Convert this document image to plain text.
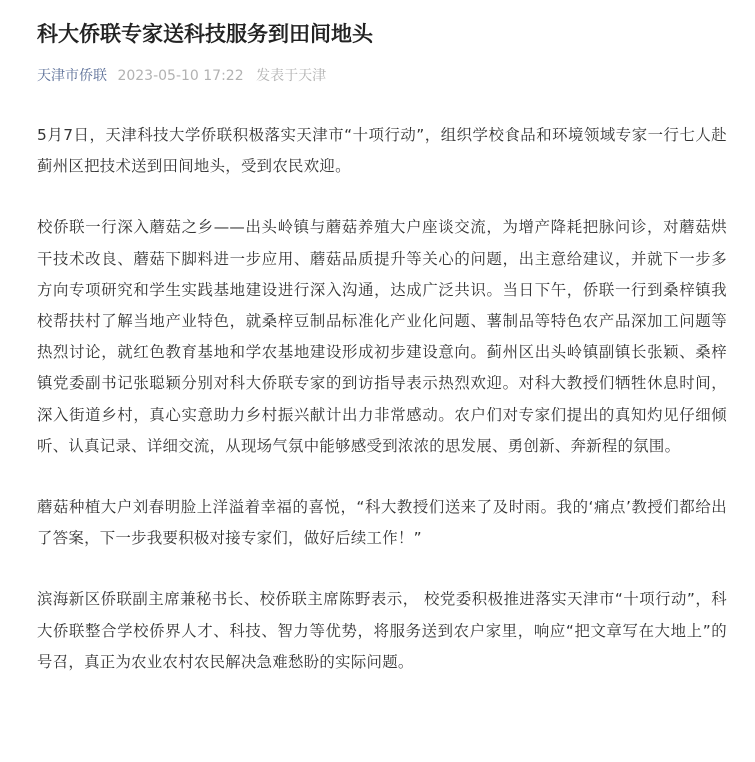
科大侨联专家送科技服务到田间地头
天津市侨联 2023-05-10 17:22 发表于天津

5月7日，天津科技大学侨联积极落实天津市“十项行动”，组织学校食品和环境领域专家一行七人赴蓟州区把技术送到田间地头，受到农民欢迎。

校侨联一行深入蘑菇之乡——出头岭镇与蘑菇养殖大户座谈交流，为增产降耗把脉问诊，对蘑菇烘干技术改良、蘑菇下脚料进一步应用、蘑菇品质提升等关心的问题，出主意给建议，并就下一步多方向专项研究和学生实践基地建设进行深入沟通，达成广泛共识。当日下午，侨联一行到桑梓镇我校帮扶村了解当地产业特色，就桑梓豆制品标准化产业化问题、薯制品等特色农产品深加工问题等热烈讨论，就红色教育基地和学农基地建设形成初步建设意向。蓟州区出头岭镇副镇长张颖、桑梓镇党委副书记张聪颖分别对科大侨联专家的到访指导表示热烈欢迎。对科大教授们牺牲休息时间，深入街道乡村，真心实意助力乡村振兴献计出力非常感动。农户们对专家们提出的真知灼见仔细倾听、认真记录、详细交流，从现场气氛中能够感受到浓浓的思发展、勇创新、奔新程的氛围。

蘑菇种植大户刘春明脸上洋溢着幸福的喜悦，“科大教授们送来了及时雨。我的‘痛点’教授们都给出了答案，下一步我要积极对接专家们，做好后续工作！”

滨海新区侨联副主席兼秘书长、校侨联主席陈野表示， 校党委积极推进落实天津市“十项行动”，科大侨联整合学校侨界人才、科技、智力等优势，将服务送到农户家里，响应“把文章写在大地上”的号召，真正为农业农村农民解决急难愁盼的实际问题。
